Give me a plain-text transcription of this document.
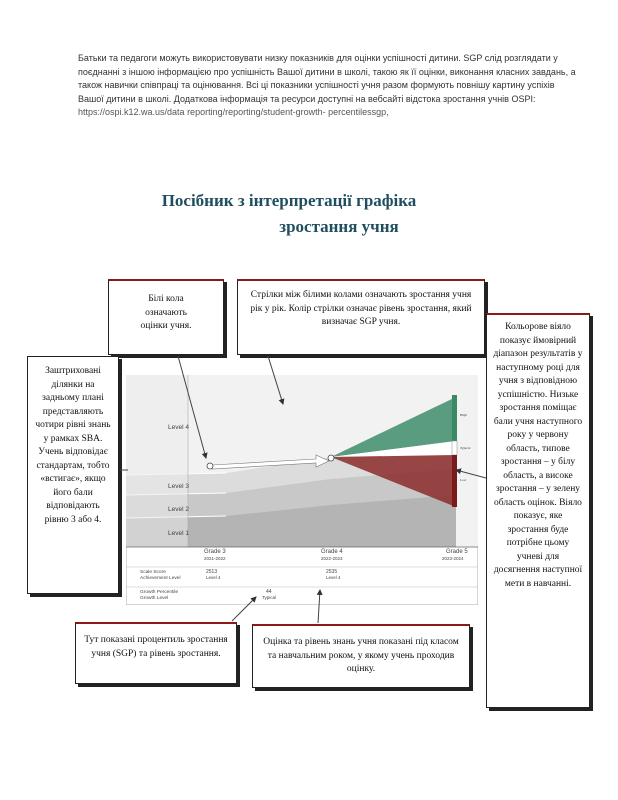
Батьки та педагоги можуть використовувати низку показників для оцінки успішності дитини. SGP слід розглядати у поєднанні з іншою інформацією про успішність Вашої дитини в школі, такою як її оцінки, виконання класних завдань, а також навички співпраці та оцінювання. Всі ці показники успішності учня разом формують повнішу картину успіхів Вашої дитини в школі. Додаткова інформація та ресурси доступні на вебсайті відстока зростання учнів OSPI: https://ospi.k12.wa.us/data reporting/reporting/student-growth- percentilessgp,
Посібник з інтерпретації графіка
зростання учня
Білі кола означають оцінки учня.
Стрілки між білими колами означають зростання учня рік у рік. Колір стрілки означає рівень зростання, який визначає SGP учня.
Заштриховані ділянки на задньому плані представляють чотири рівні знань у рамках SBA. Учень відповідає стандартам, тобто «встигає», якщо його бали відповідають рівню 3 або 4.
Кольорове віяло показує ймовірний діапазон результатів у наступному році для учня з відповідною успішністю. Низьке зростання поміщає бали учня наступного року у червону область, типове зростання – у білу область, а високе зростання – у зелену область оцінок. Віяло показує, яке зростання буде потрібне цьому учневі для досягнення наступної мети в навчанні.
Тут показані процентиль зростання учня (SGP) та рівень зростання.
Оцінка та рівень знань учня показані під класом та навчальним роком, у якому учень проходив оцінку.
Level 4
Level 3
Level 2
Level 1
High
Typical
Low
Grade 3
2021-2022
Grade 4
2022-2023
Grade 5
2023-2024
Scale Score
Achievement Level
2513
Level 4
2535
Level 4
Growth Percentile
Growth Level
44
Typical
